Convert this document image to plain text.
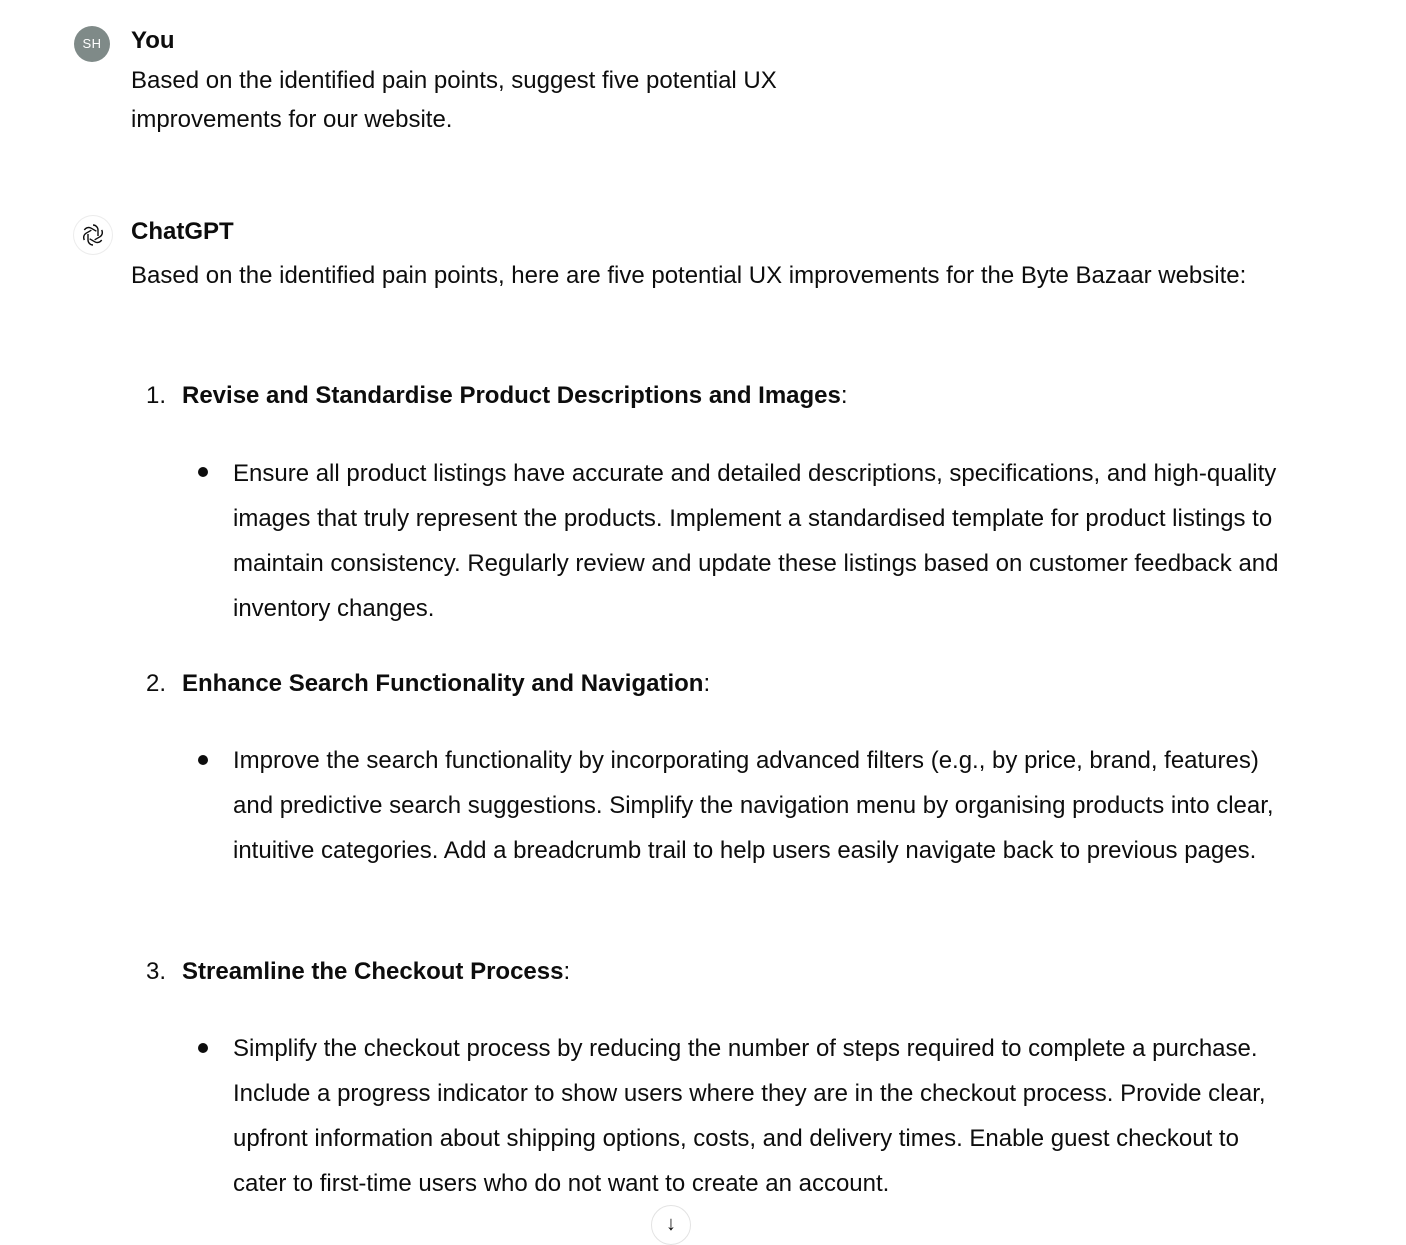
SH	You

Based on the identified pain points, suggest five potential UX improvements for our website.

ChatGPT

Based on the identified pain points, here are five potential UX improvements for the Byte Bazaar website:

1. Revise and Standardise Product Descriptions and Images:

Ensure all product listings have accurate and detailed descriptions, specifications, and high-quality images that truly represent the products. Implement a standardised template for product listings to maintain consistency. Regularly review and update these listings based on customer feedback and inventory changes.

2. Enhance Search Functionality and Navigation:

Improve the search functionality by incorporating advanced filters (e.g., by price, brand, features) and predictive search suggestions. Simplify the navigation menu by organising products into clear, intuitive categories. Add a breadcrumb trail to help users easily navigate back to previous pages.

3. Streamline the Checkout Process:

Simplify the checkout process by reducing the number of steps required to complete a purchase. Include a progress indicator to show users where they are in the checkout process. Provide clear, upfront information about shipping options, costs, and delivery times. Enable guest checkout to cater to first-time users who do not want to create an account.

↓
